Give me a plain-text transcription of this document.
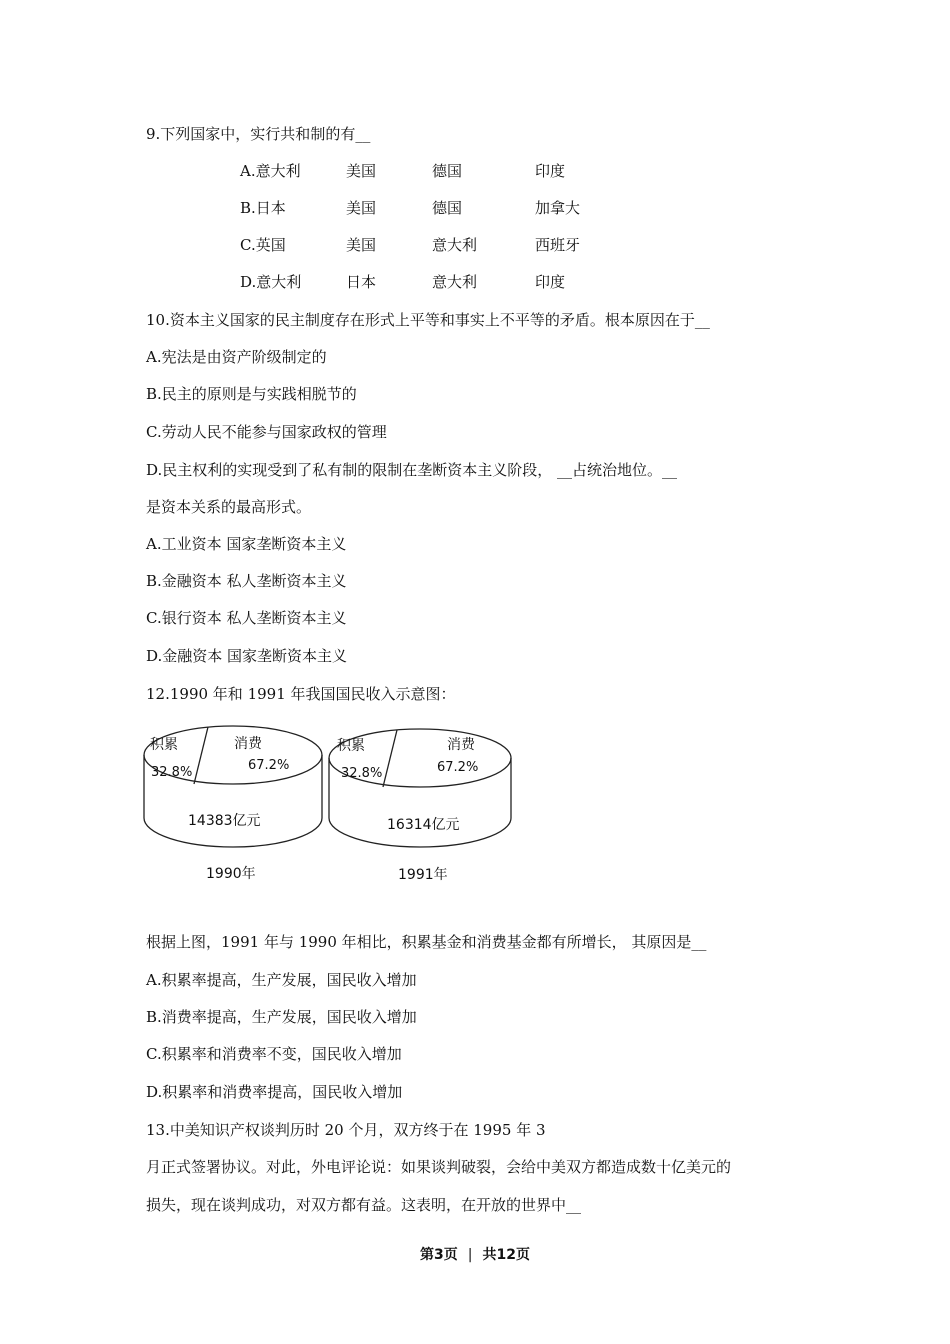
9.下列国家中，实行共和制的有__
A.意大利	美国	德国	印度
B.日本	美国	德国	加拿大
C.英国	美国	意大利	西班牙
D.意大利	日本	意大利	印度
10.资本主义国家的民主制度存在形式上平等和事实上不平等的矛盾。根本原因在于__
A.宪法是由资产阶级制定的
B.民主的原则是与实践相脱节的
C.劳动人民不能参与国家政权的管理
D.民主权利的实现受到了私有制的限制在垄断资本主义阶段， __占统治地位。__
是资本关系的最高形式。
A.工业资本 国家垄断资本主义
B.金融资本 私人垄断资本主义
C.银行资本 私人垄断资本主义
D.金融资本 国家垄断资本主义
12.1990 年和 1991 年我国国民收入示意图：
积累
32.8%
消费
67.2%
14383亿元
1990年
积累
32.8%
消费
67.2%
16314亿元
1991年
根据上图，1991 年与 1990 年相比，积累基金和消费基金都有所增长， 其原因是__
A.积累率提高，生产发展，国民收入增加
B.消费率提高，生产发展，国民收入增加
C.积累率和消费率不变，国民收入增加
D.积累率和消费率提高，国民收入增加
13.中美知识产权谈判历时 20 个月，双方终于在 1995 年 3
月正式签署协议。对此，外电评论说：如果谈判破裂，会给中美双方都造成数十亿美元的
损失，现在谈判成功，对双方都有益。这表明，在开放的世界中__
第3页 | 共12页
